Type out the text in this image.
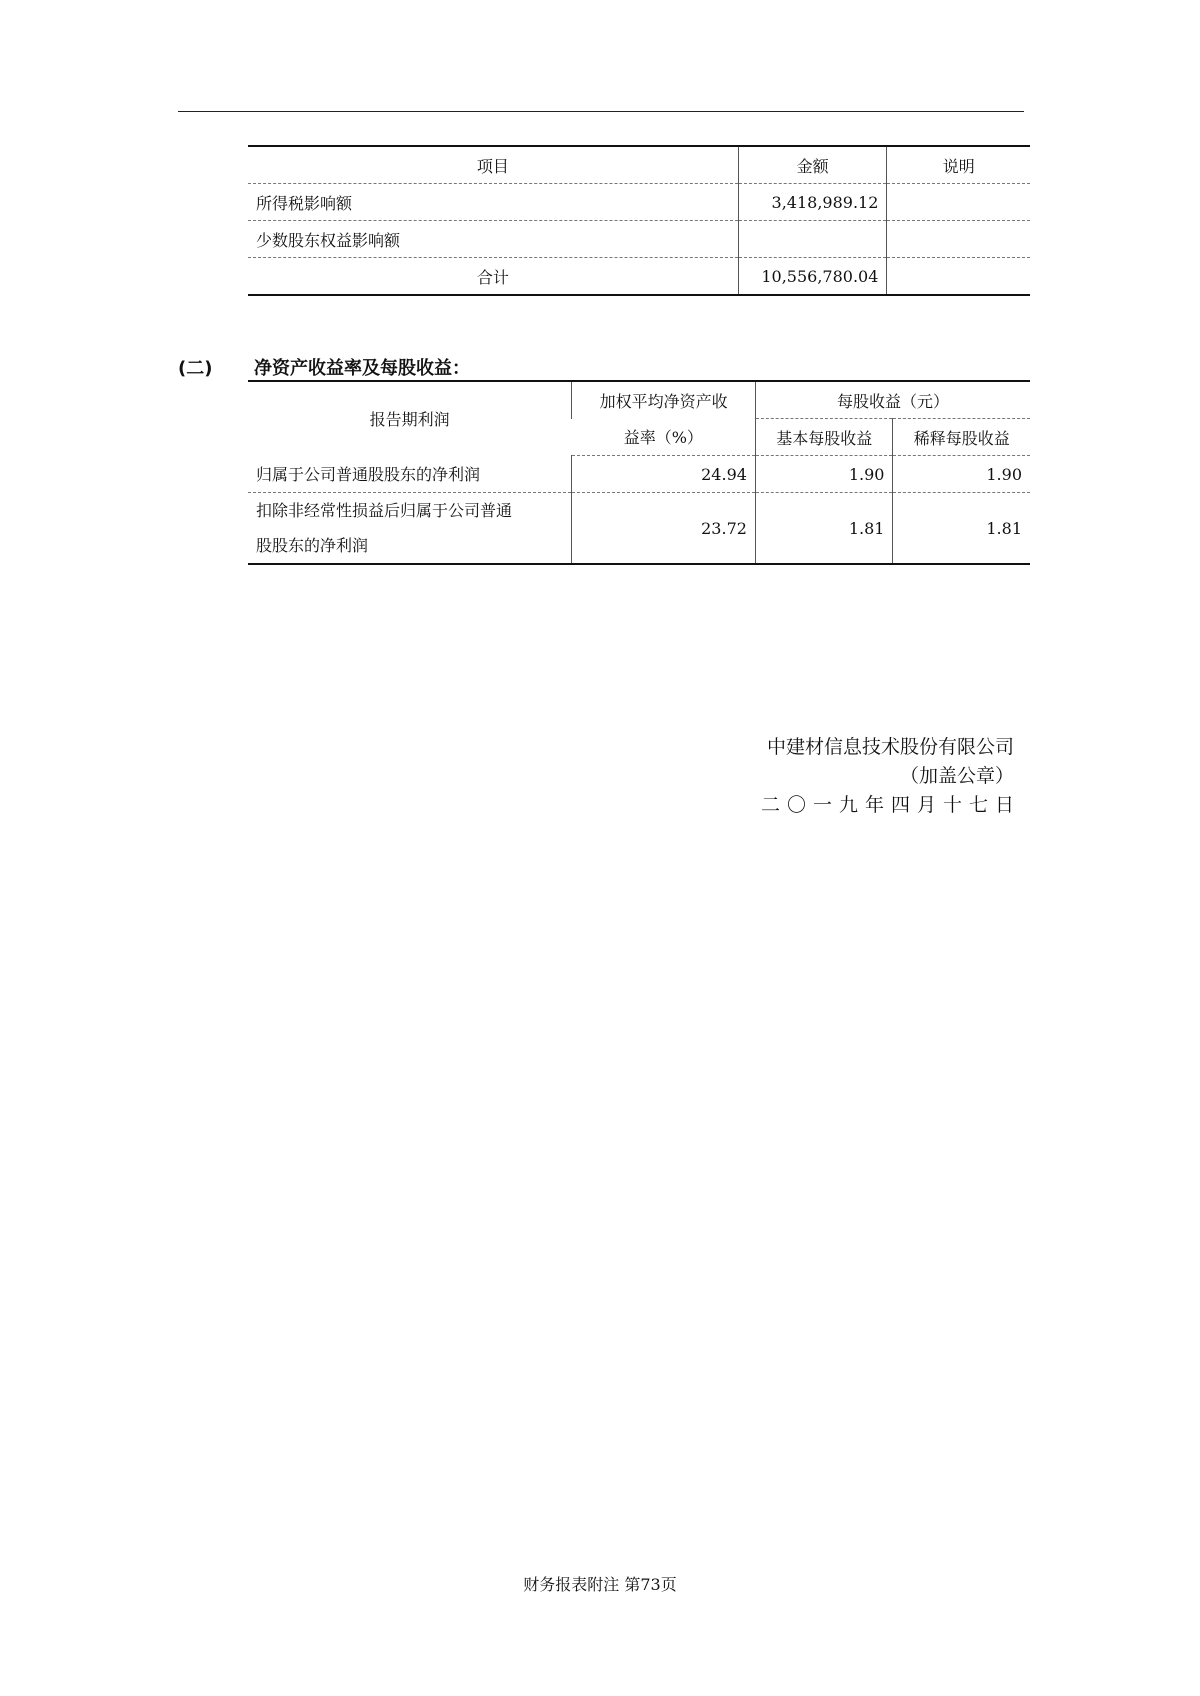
项目	金额	说明
所得税影响额	3,418,989.12	
少数股东权益影响额		
合计	10,556,780.04	
(二) 净资产收益率及每股收益：
报告期利润	加权平均净资产收	每股收益（元）	
	益率（%）	基本每股收益	稀释每股收益
归属于公司普通股股东的净利润	24.94	1.90	1.90

扣除非经常性损益后归属于公司普通
股股东的净利润	23.72	1.81	1.81
中建材信息技术股份有限公司
（加盖公章）
二〇一九年四月十七日
财务报表附注 第73页
